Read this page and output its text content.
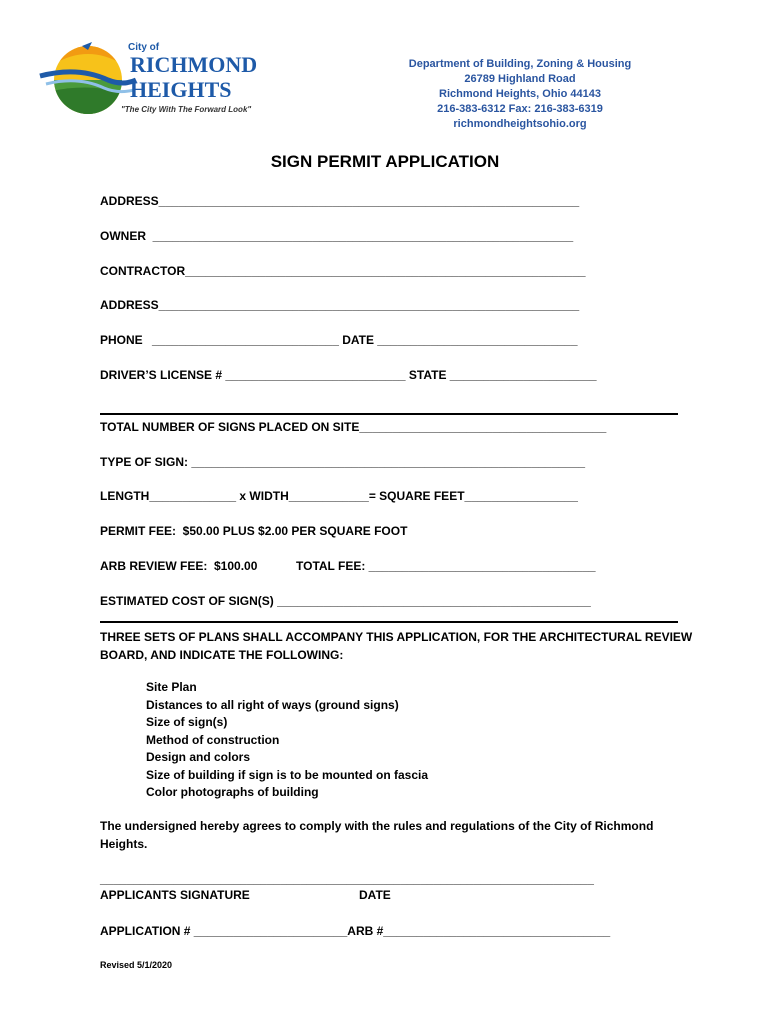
City of
RICHMOND
HEIGHTS
"The City With The Forward Look"
Department of Building, Zoning & Housing
26789 Highland Road
Richmond Heights, Ohio 44143
216-383-6312 Fax: 216-383-6319
richmondheightsohio.org
SIGN PERMIT APPLICATION
ADDRESS_______________________________________________________________
OWNER  _______________________________________________________________
CONTRACTOR____________________________________________________________
ADDRESS_______________________________________________________________
PHONE ____________________________ DATE ______________________________
DRIVER’S LICENSE # ___________________________ STATE ______________________
TOTAL NUMBER OF SIGNS PLACED ON SITE_____________________________________
TYPE OF SIGN: ___________________________________________________________
LENGTH_____________ x WIDTH____________= SQUARE FEET_________________
PERMIT FEE:  $50.00 PLUS $2.00 PER SQUARE FOOT
ARB REVIEW FEE:  $100.00	TOTAL FEE: __________________________________
ESTIMATED COST OF SIGN(S) _______________________________________________
THREE SETS OF PLANS SHALL ACCOMPANY THIS APPLICATION, FOR THE ARCHITECTURAL REVIEW
BOARD, AND INDICATE THE FOLLOWING:
Site Plan
Distances to all right of ways (ground signs)
Size of sign(s)
Method of construction
Design and colors
Size of building if sign is to be mounted on fascia
Color photographs of building
The undersigned hereby agrees to comply with the rules and regulations of the City of Richmond
Heights.
__________________________________________________________________________
APPLICANTS SIGNATURE	DATE
APPLICATION # _______________________ARB #__________________________________
Revised 5/1/2020
